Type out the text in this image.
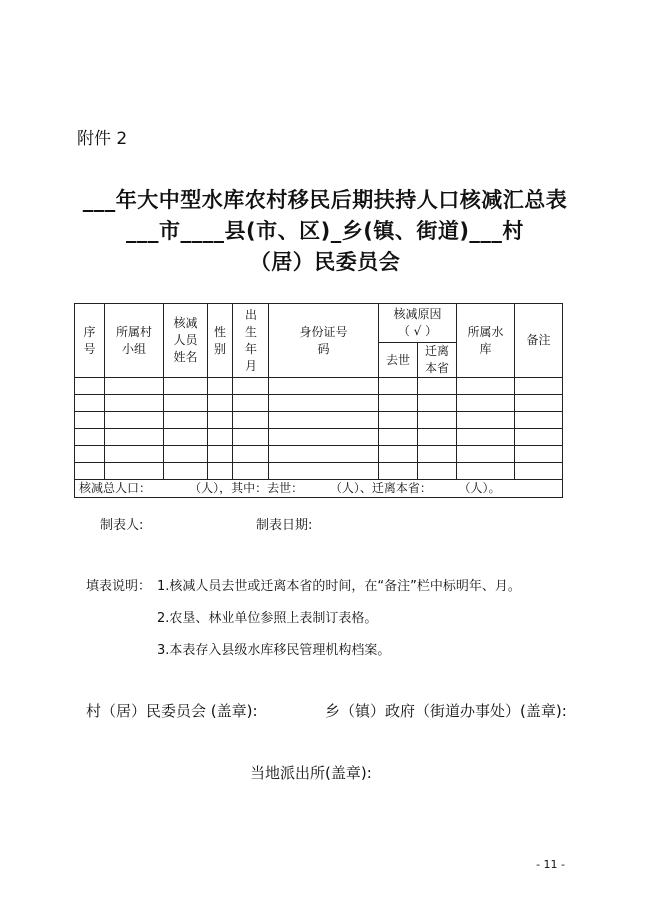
附件 2
___年大中型水库农村移民后期扶持人口核减汇总表
___市____县(市、区)_乡(镇、街道)___村
（居）民委员会
序号	所属村小组	核减人员姓名	性别	出生年月	身份证号码	核减原因（ √ ）		所属水库	备注
						去世	迁离本省		

核减总人口：          （人），其中：去世：       （人）、迁离本省：       （人）。									
制表人:	制表日期:
填表说明： 1.核减人员去世或迁离本省的时间，在“备注”栏中标明年、月。
2.农垦、林业单位参照上表制订表格。
3.本表存入县级水库移民管理机构档案。
村（居）民委员会 (盖章):	乡（镇）政府（街道办事处）(盖章):
当地派出所(盖章):
- 11 -
